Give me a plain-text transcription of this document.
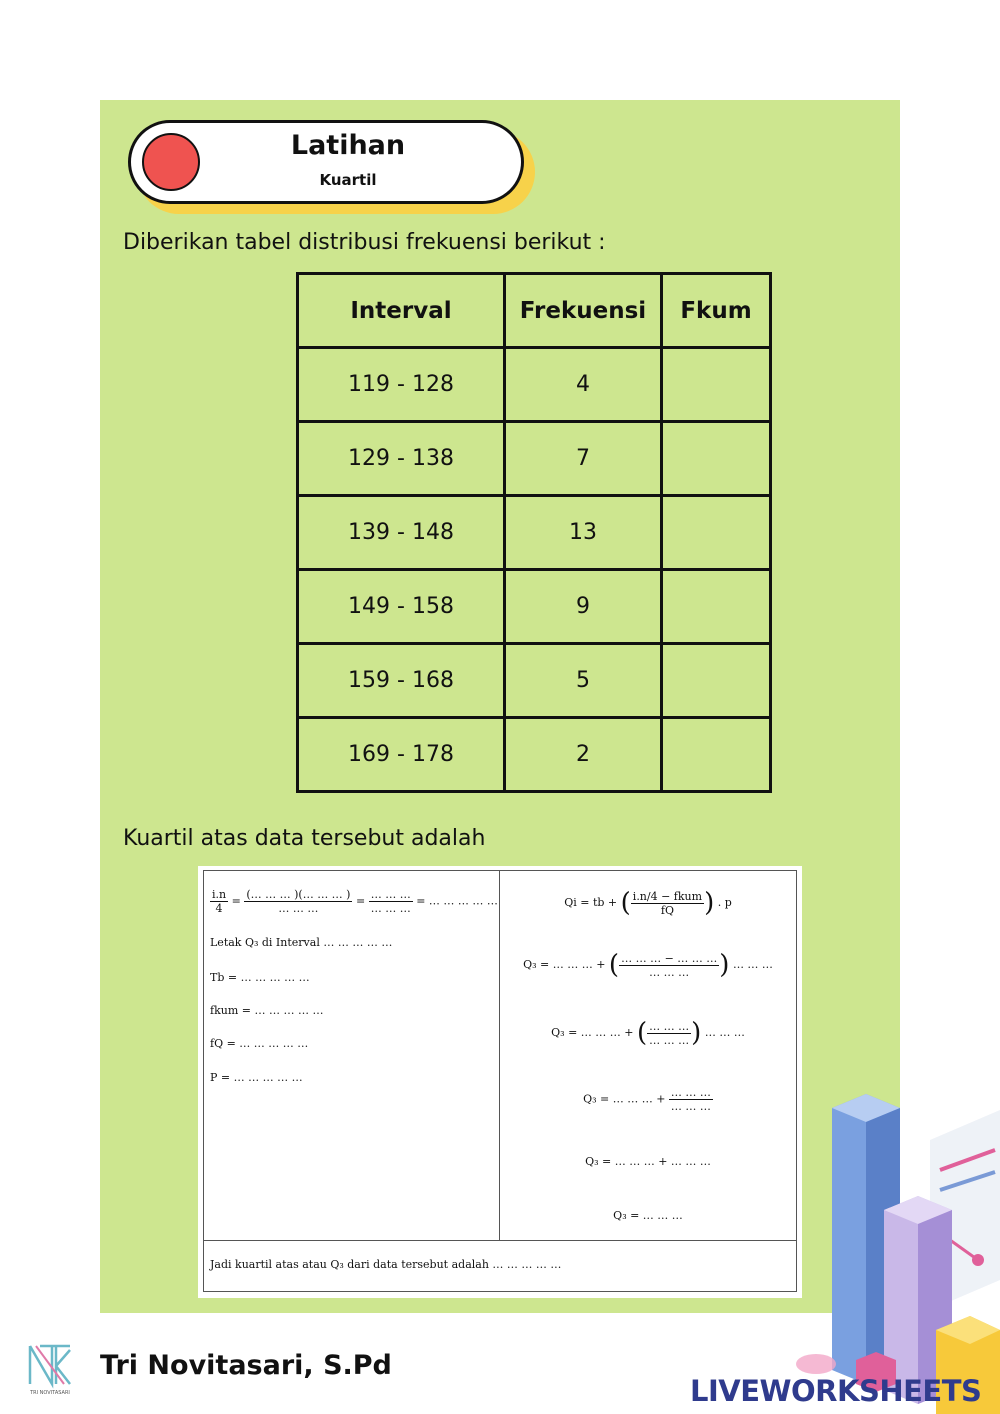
Latihan
Kuartil
Diberikan tabel distribusi frekuensi berikut :
Interval	Frekuensi	Fkum
119 - 128	4	
129 - 138	7	
139 - 148	13	
149 - 158	9	
159 - 168	5	
169 - 178	2	
Kuartil atas data tersebut adalah
$\frac{i.n}{4} = \frac{(\dots \dots \dots )(\dots \dots \dots )}{\dots \dots \dots} = \frac{\dots \dots \dots}{\dots \dots \dots}$ = … … … … …
Letak Q₃ di Interval … … … … …
Tb = … … … … …
fkum = … … … … …
fQ = … … … … …
P = … … … … …
Qi = tb + ( $\frac{\text{i.n/4 − fkum}}{fQ}$ ) . p
Q₃ = … … … + ( $\frac{\dots \dots \dots - \dots \dots \dots}{\dots \dots \dots}$ ) … … …
Q₃ = … … … + ( $\frac{\dots \dots \dots}{\dots \dots \dots}$ ) … … …
Q₃ = … … … + $\frac{\dots \dots \dots}{\dots \dots \dots}$
Q₃ = … … … + … … …
Q₃ = … … …
Jadi kuartil atas atau Q₃ dari data tersebut adalah … … … … …
TRI NOVITASARI
Tri Novitasari, S.Pd
LIVEWORKSHEETS
